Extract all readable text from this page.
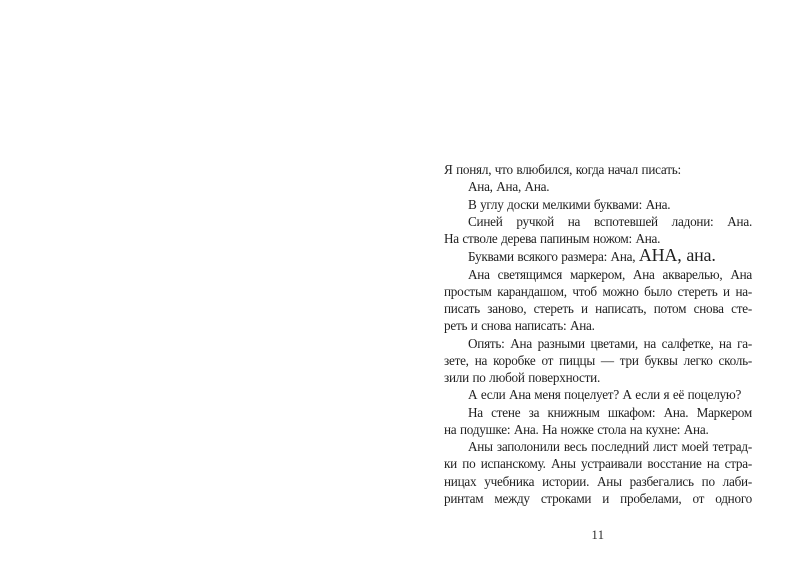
Я понял, что влюбился, когда начал писать:
Ана, Ана, Ана.
В углу доски мелкими буквами: Ана.
Синей ручкой на вспотевшей ладони: Ана.
На стволе дерева папиным ножом: Ана.
Буквами всякого размера: Ана, АНА, ана.
Ана светящимся маркером, Ана акварелью, Ана
простым карандашом, чтоб можно было стереть и на-
писать заново, стереть и написать, потом снова сте-
реть и снова написать: Ана.
Опять: Ана разными цветами, на салфетке, на га-
зете, на коробке от пиццы — три буквы легко сколь-
зили по любой поверхности.
А если Ана меня поцелует? А если я её поцелую?
На стене за книжным шкафом: Ана. Маркером
на подушке: Ана. На ножке стола на кухне: Ана.
Аны заполонили весь последний лист моей тетрад-
ки по испанскому. Аны устраивали восстание на стра-
ницах учебника истории. Аны разбегались по лаби-
ринтам между строками и пробелами, от одного
11
